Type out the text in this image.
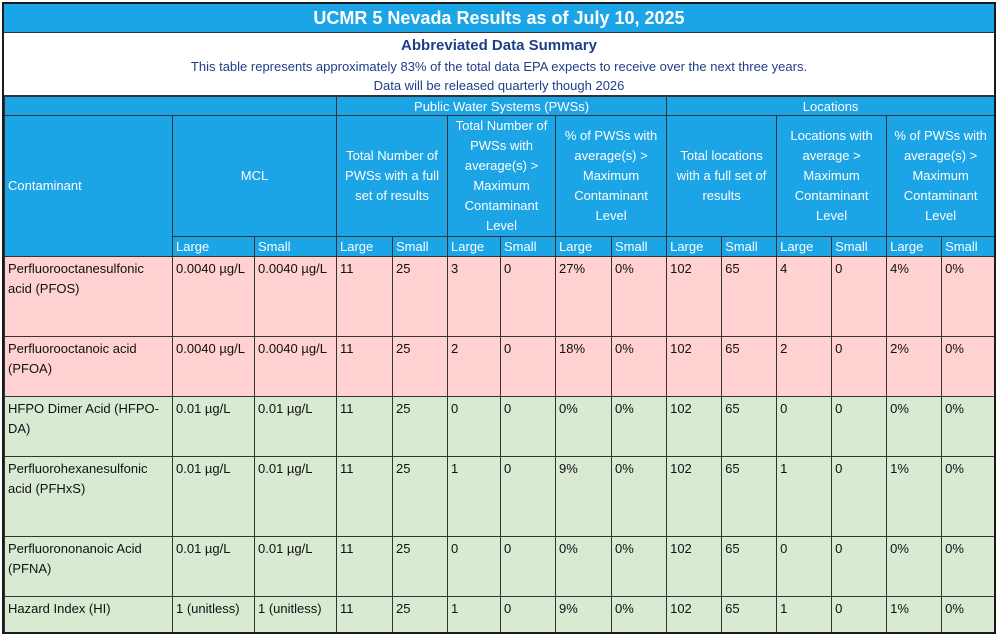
UCMR 5 Nevada Results as of July 10, 2025
Abbreviated Data Summary
This table represents approximately 83% of the total data EPA expects to receive over the next three years.
Data will be released quarterly though 2026
			Public Water Systems (PWSs)						Locations					
Contaminant	MCL		Total Number of PWSs with a full set of results		Total Number of PWSs with average(s) > Maximum Contaminant Level		% of PWSs with average(s) > Maximum Contaminant Level		Total locations with a full set of results		Locations with average > Maximum Contaminant Level		% of PWSs with average(s) > Maximum Contaminant Level	
	Large	Small	Large	Small	Large	Small	Large	Small	Large	Small	Large	Small	Large	Small
Perfluorooctanesulfonic acid (PFOS)	0.0040 µg/L	0.0040 µg/L	11	25	3	0	27%	0%	102	65	4	0	4%	0%
Perfluorooctanoic acid (PFOA)	0.0040 µg/L	0.0040 µg/L	11	25	2	0	18%	0%	102	65	2	0	2%	0%
HFPO Dimer Acid (HFPO-DA)	0.01 µg/L	0.01 µg/L	11	25	0	0	0%	0%	102	65	0	0	0%	0%
Perfluorohexanesulfonic acid (PFHxS)	0.01 µg/L	0.01 µg/L	11	25	1	0	9%	0%	102	65	1	0	1%	0%
Perfluorononanoic Acid (PFNA)	0.01 µg/L	0.01 µg/L	11	25	0	0	0%	0%	102	65	0	0	0%	0%
Hazard Index (HI)	1 (unitless)	1 (unitless)	11	25	1	0	9%	0%	102	65	1	0	1%	0%
